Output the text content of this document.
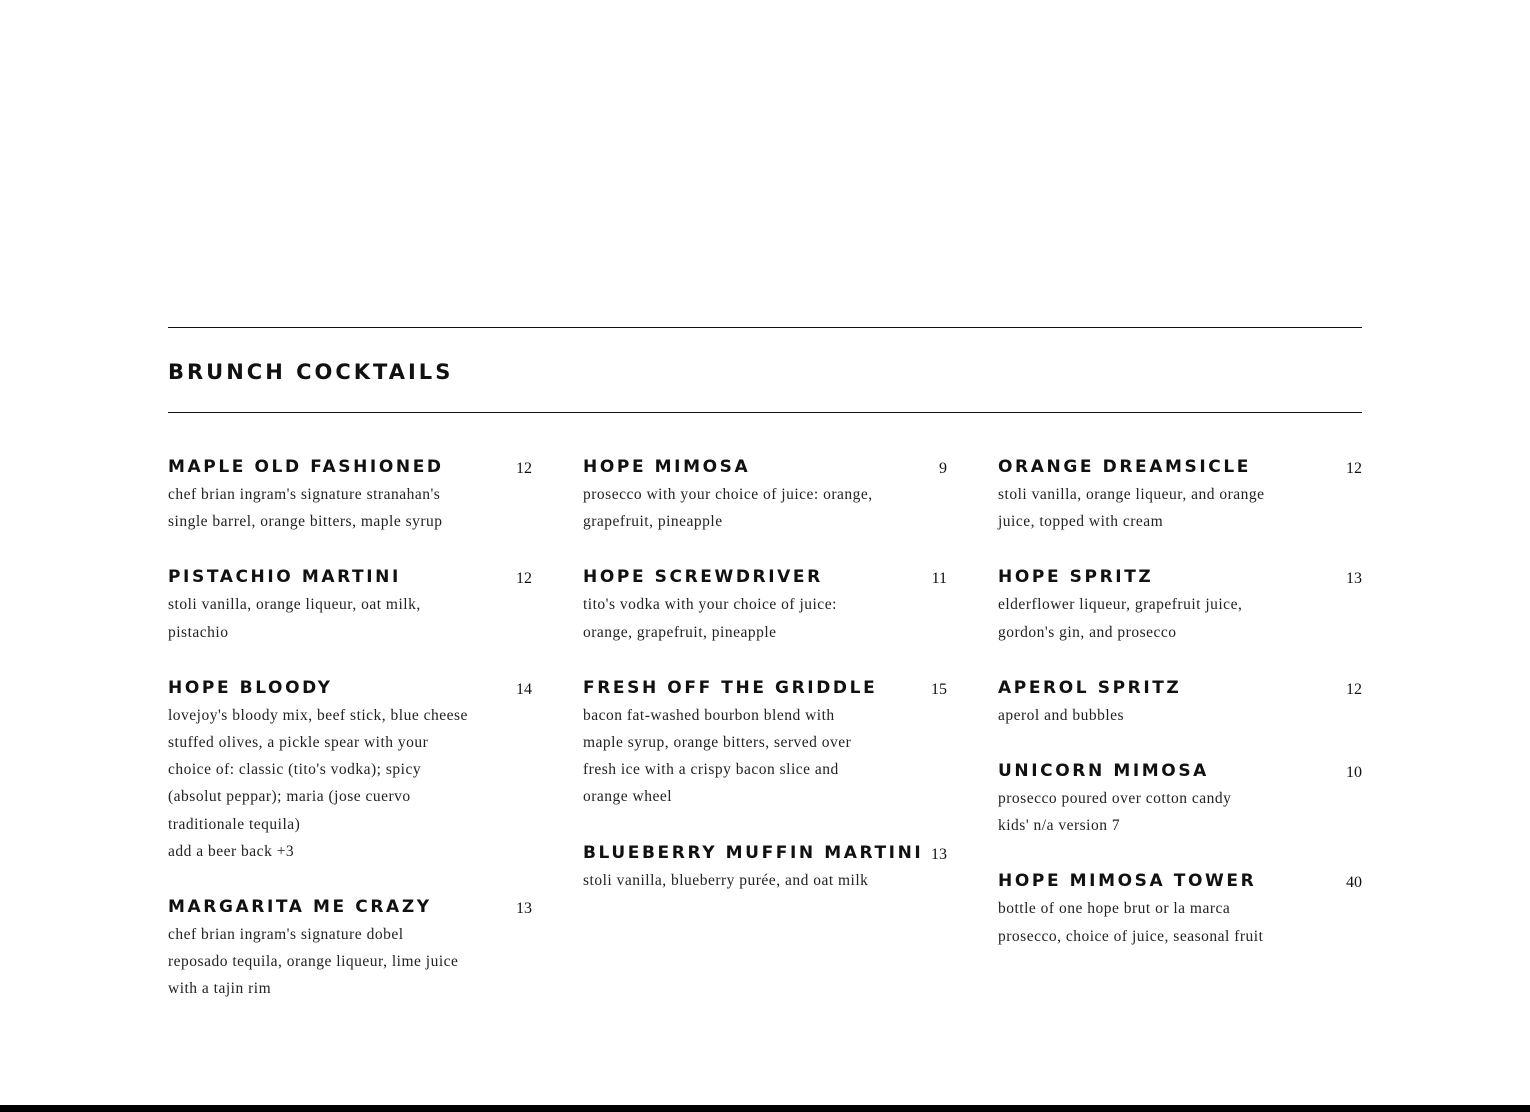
BRUNCH COCKTAILS
MAPLE OLD FASHIONED	12
chef brian ingram's signature stranahan's
single barrel, orange bitters, maple syrup
PISTACHIO MARTINI	12
stoli vanilla, orange liqueur, oat milk,
pistachio
HOPE BLOODY	14
lovejoy's bloody mix, beef stick, blue cheese
stuffed olives, a pickle spear with your
choice of: classic (tito's vodka); spicy
(absolut peppar); maria (jose cuervo
traditionale tequila)
add a beer back +3
MARGARITA ME CRAZY	13
chef brian ingram's signature dobel
reposado tequila, orange liqueur, lime juice
with a tajin rim
HOPE MIMOSA	9
prosecco with your choice of juice: orange,
grapefruit, pineapple
HOPE SCREWDRIVER	11
tito's vodka with your choice of juice:
orange, grapefruit, pineapple
FRESH OFF THE GRIDDLE	15
bacon fat-washed bourbon blend with
maple syrup, orange bitters, served over
fresh ice with a crispy bacon slice and
orange wheel
BLUEBERRY MUFFIN MARTINI 13
stoli vanilla, blueberry purée, and oat milk
ORANGE DREAMSICLE	12
stoli vanilla, orange liqueur, and orange
juice, topped with cream
HOPE SPRITZ	13
elderflower liqueur, grapefruit juice,
gordon's gin, and prosecco
APEROL SPRITZ	12
aperol and bubbles
UNICORN MIMOSA	10
prosecco poured over cotton candy
kids' n/a version 7
HOPE MIMOSA TOWER	40
bottle of one hope brut or la marca
prosecco, choice of juice, seasonal fruit
